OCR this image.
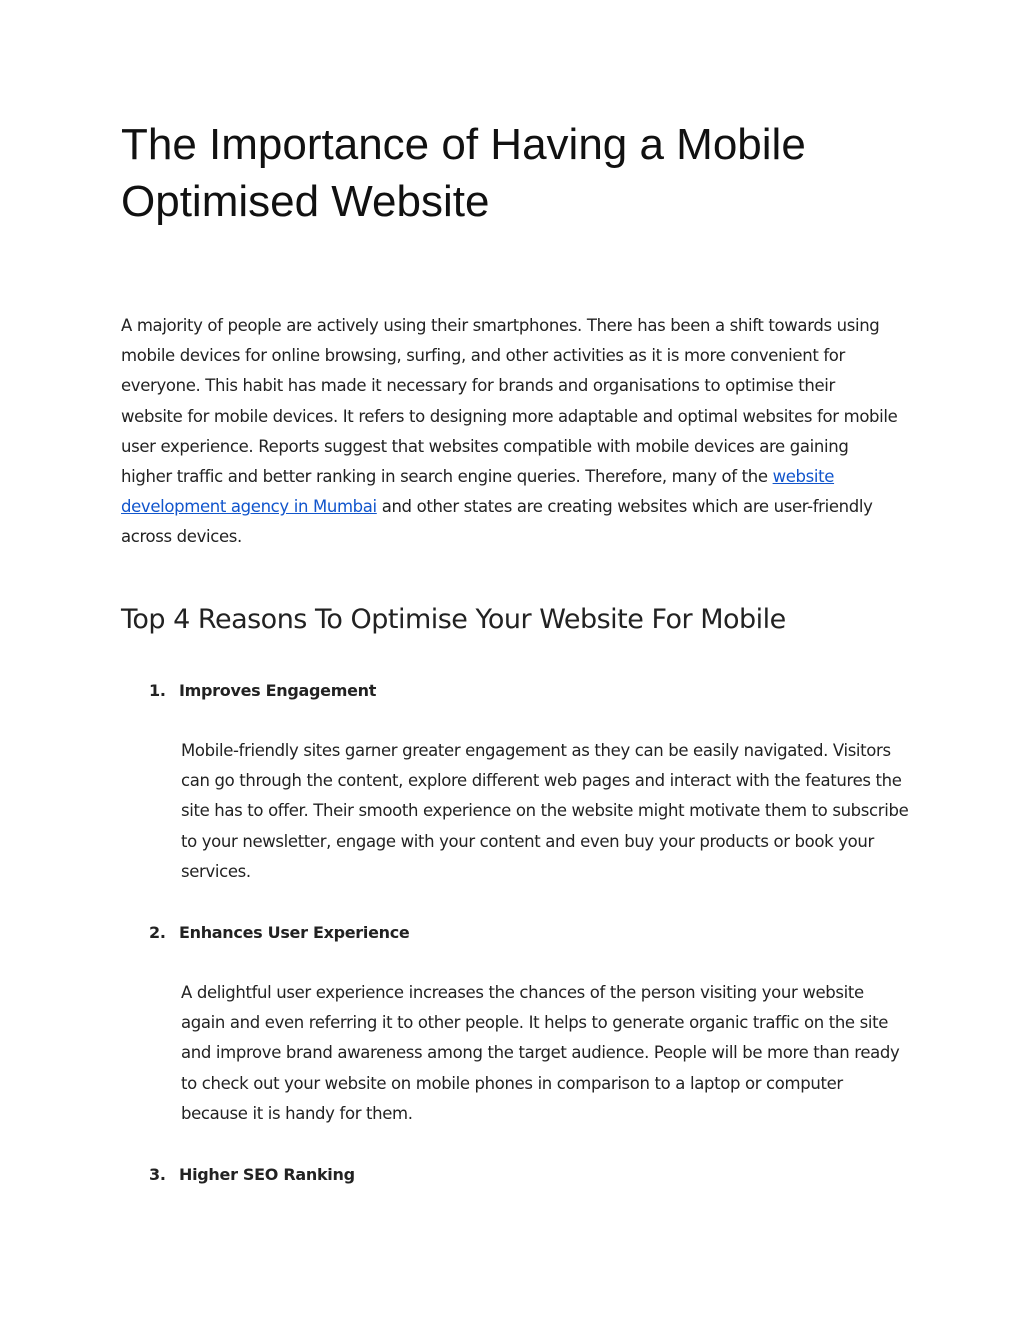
The Importance of Having a Mobile Optimised Website

A majority of people are actively using their smartphones. There has been a shift towards using mobile devices for online browsing, surfing, and other activities as it is more convenient for everyone. This habit has made it necessary for brands and organisations to optimise their website for mobile devices. It refers to designing more adaptable and optimal websites for mobile user experience. Reports suggest that websites compatible with mobile devices are gaining higher traffic and better ranking in search engine queries. Therefore, many of the website development agency in Mumbai and other states are creating websites which are user-friendly across devices.

Top 4 Reasons To Optimise Your Website For Mobile
1. Improves Engagement

Mobile-friendly sites garner greater engagement as they can be easily navigated. Visitors can go through the content, explore different web pages and interact with the features the site has to offer. Their smooth experience on the website might motivate them to subscribe to your newsletter, engage with your content and even buy your products or book your services.

2. Enhances User Experience

A delightful user experience increases the chances of the person visiting your website again and even referring it to other people. It helps to generate organic traffic on the site and improve brand awareness among the target audience. People will be more than ready to check out your website on mobile phones in comparison to a laptop or computer because it is handy for them.

3. Higher SEO Ranking
